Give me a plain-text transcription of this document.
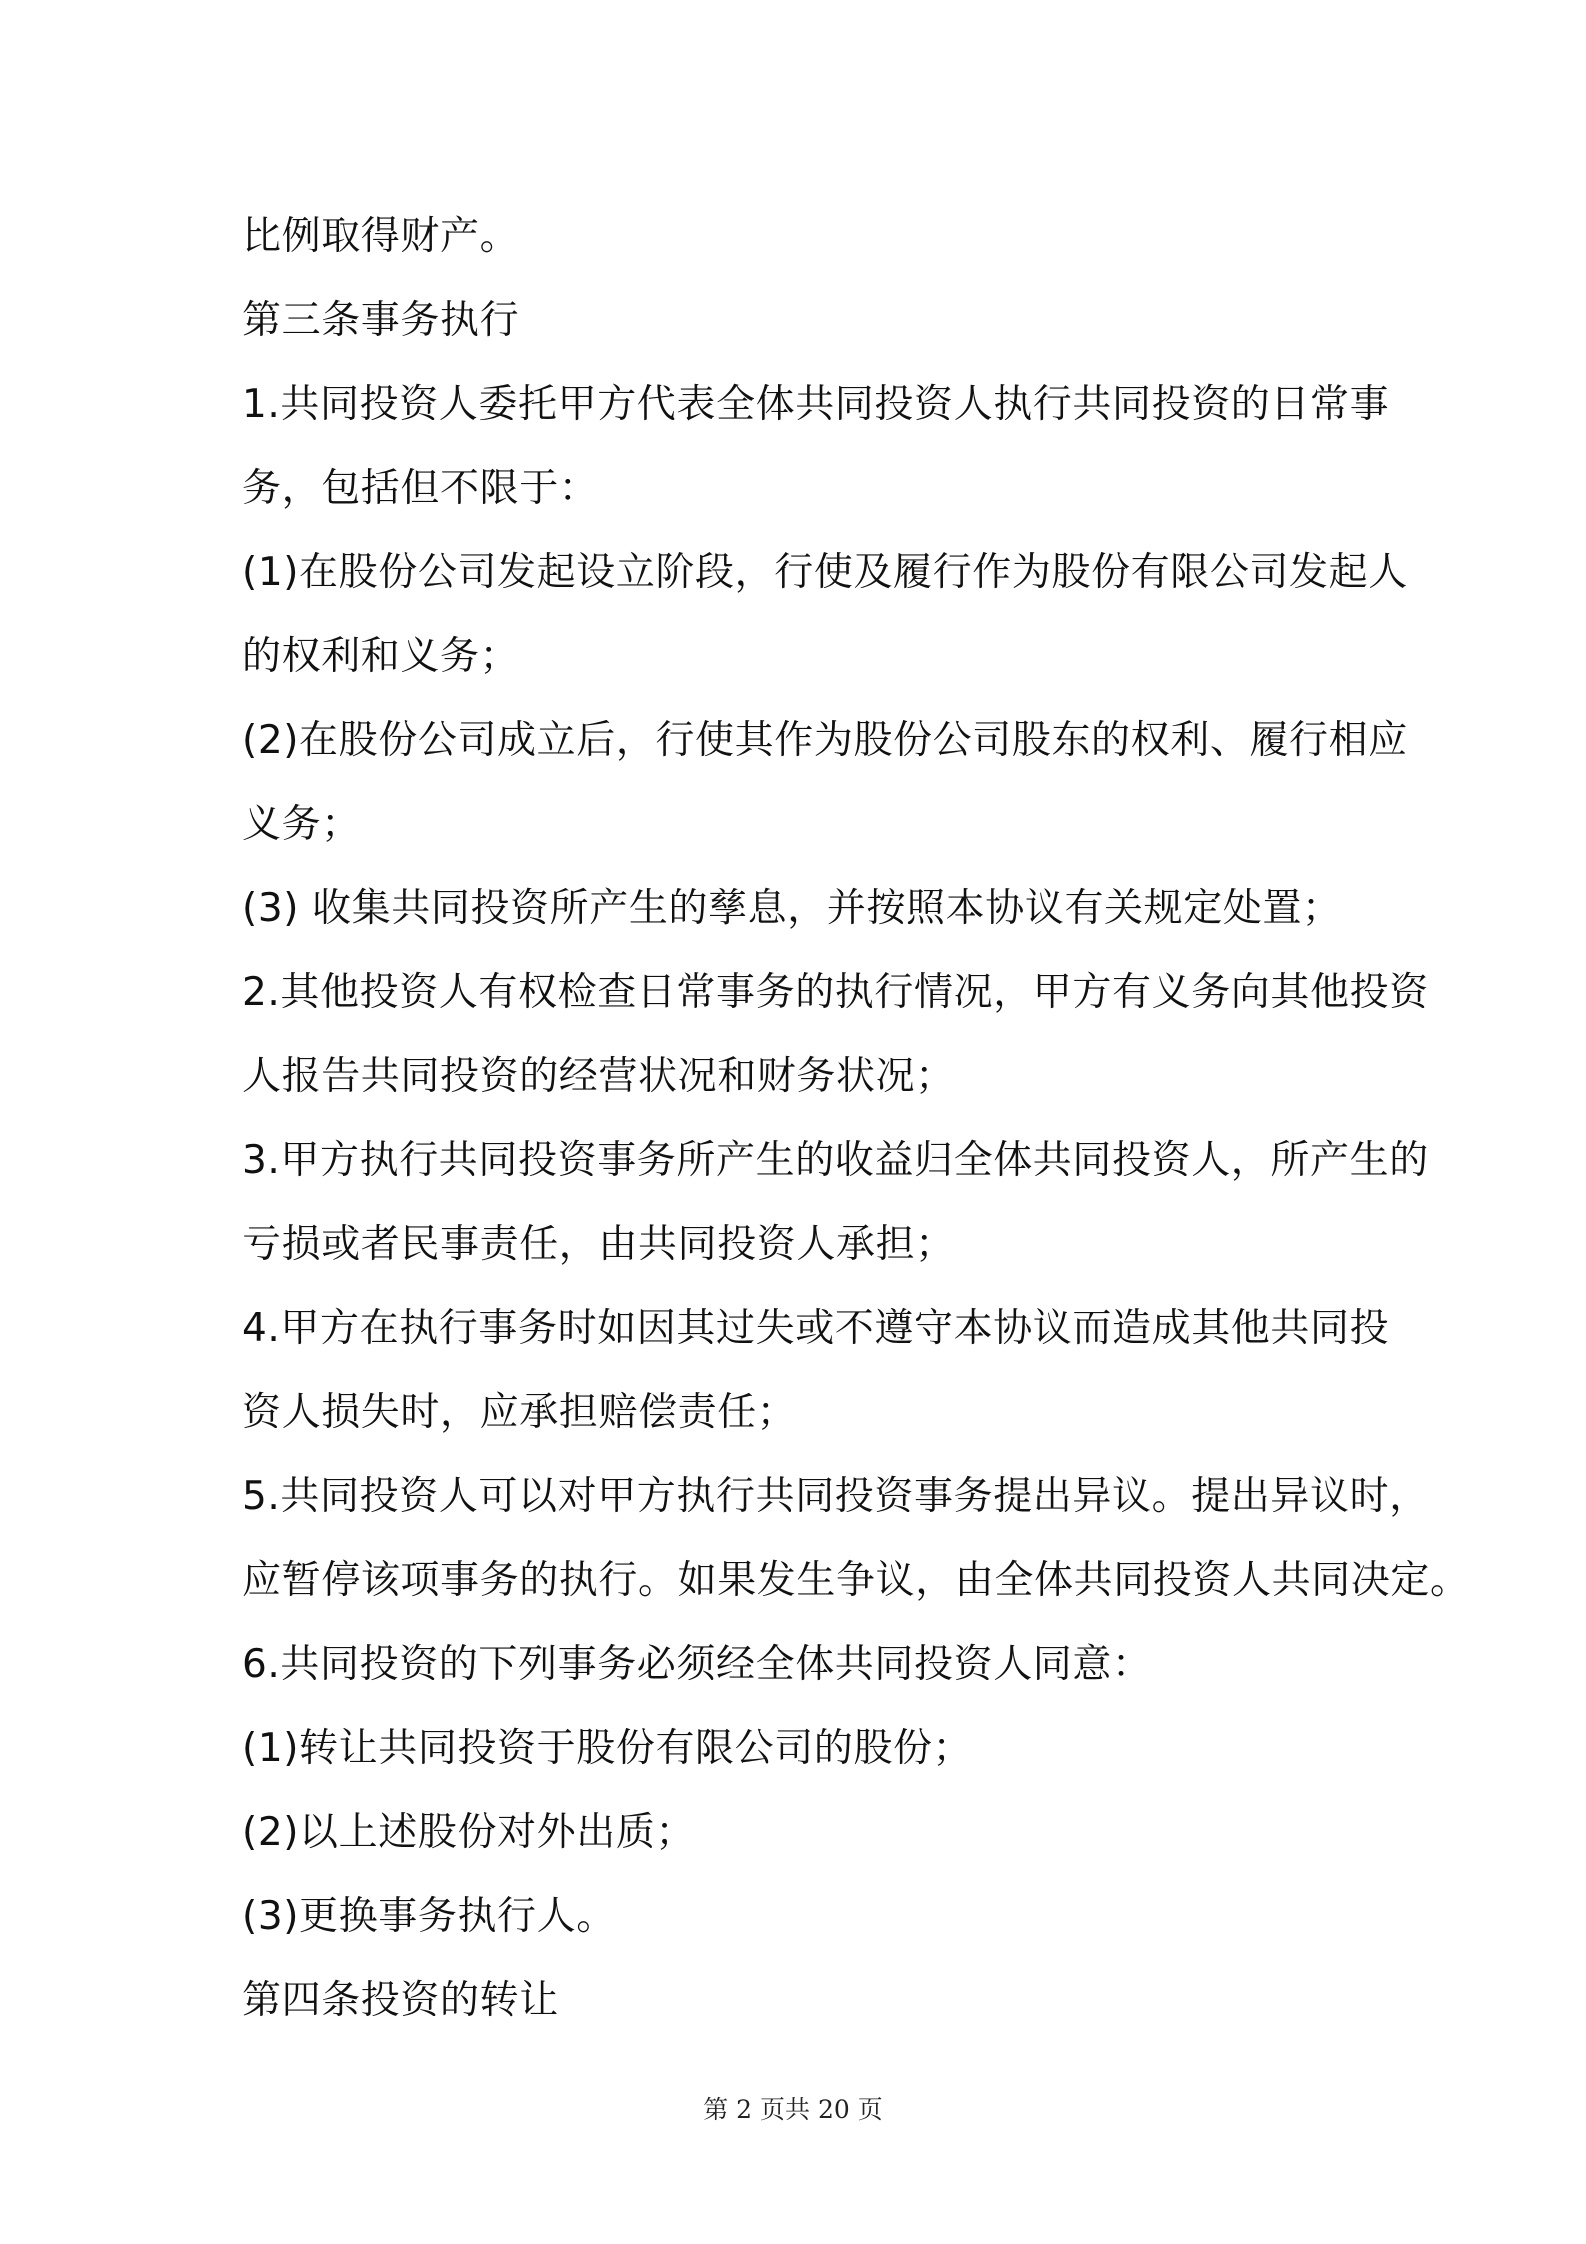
比例取得财产。
第三条事务执行
1.共同投资人委托甲方代表全体共同投资人执行共同投资的日常事
务，包括但不限于：
(1)在股份公司发起设立阶段，行使及履行作为股份有限公司发起人
的权利和义务；
(2)在股份公司成立后，行使其作为股份公司股东的权利、履行相应
义务；
(3) 收集共同投资所产生的孳息，并按照本协议有关规定处置；
2.其他投资人有权检查日常事务的执行情况，甲方有义务向其他投资
人报告共同投资的经营状况和财务状况；
3.甲方执行共同投资事务所产生的收益归全体共同投资人，所产生的
亏损或者民事责任，由共同投资人承担；
4.甲方在执行事务时如因其过失或不遵守本协议而造成其他共同投
资人损失时，应承担赔偿责任；
5.共同投资人可以对甲方执行共同投资事务提出异议。提出异议时，
应暂停该项事务的执行。如果发生争议，由全体共同投资人共同决定。
6.共同投资的下列事务必须经全体共同投资人同意：
(1)转让共同投资于股份有限公司的股份；
(2)以上述股份对外出质；
(3)更换事务执行人。
第四条投资的转让
第 2 页共 20 页
